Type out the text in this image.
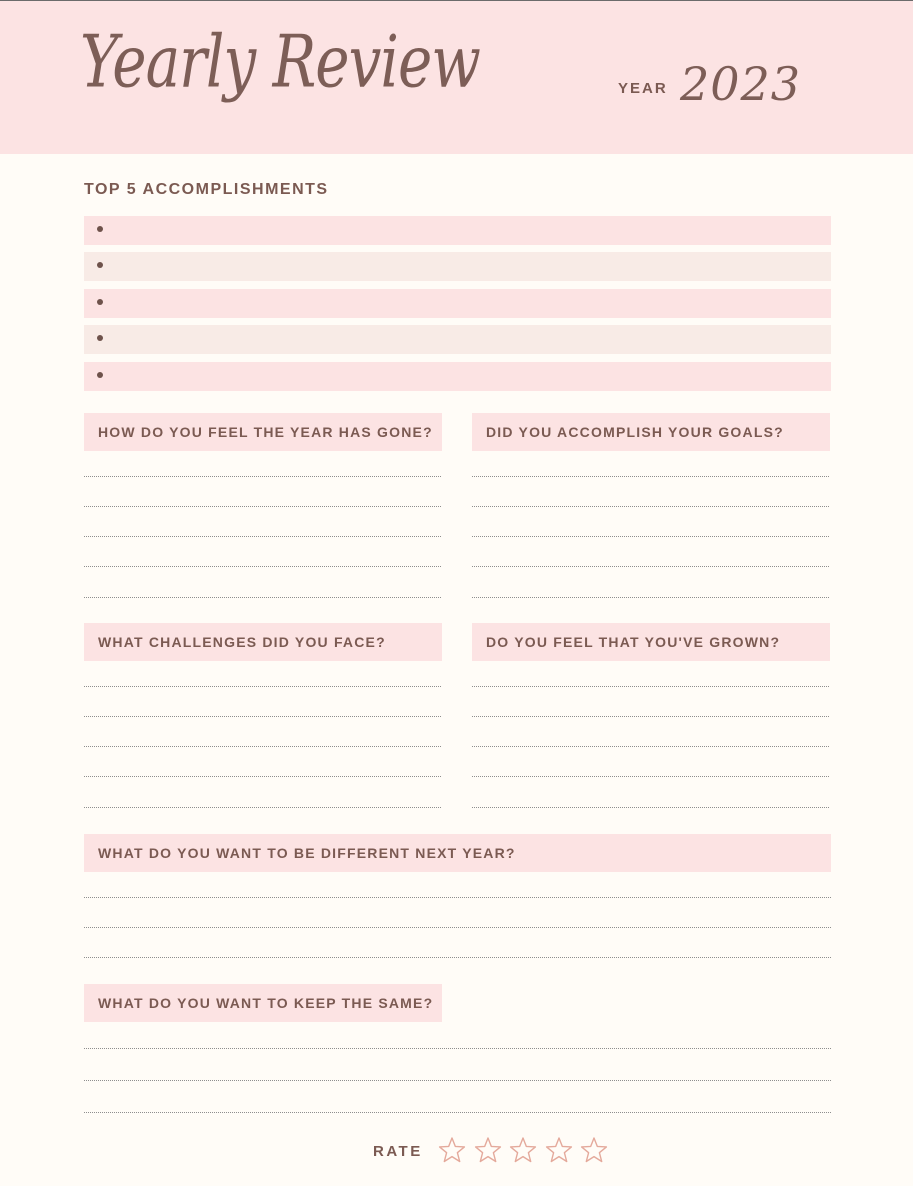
Yearly Review	YEAR 2023
TOP 5 ACCOMPLISHMENTS
HOW DO YOU FEEL THE YEAR HAS GONE?	DID YOU ACCOMPLISH YOUR GOALS?
WHAT CHALLENGES DID YOU FACE?	DO YOU FEEL THAT YOU'VE GROWN?
WHAT DO YOU WANT TO BE DIFFERENT NEXT YEAR?
WHAT DO YOU WANT TO KEEP THE SAME?
RATE
